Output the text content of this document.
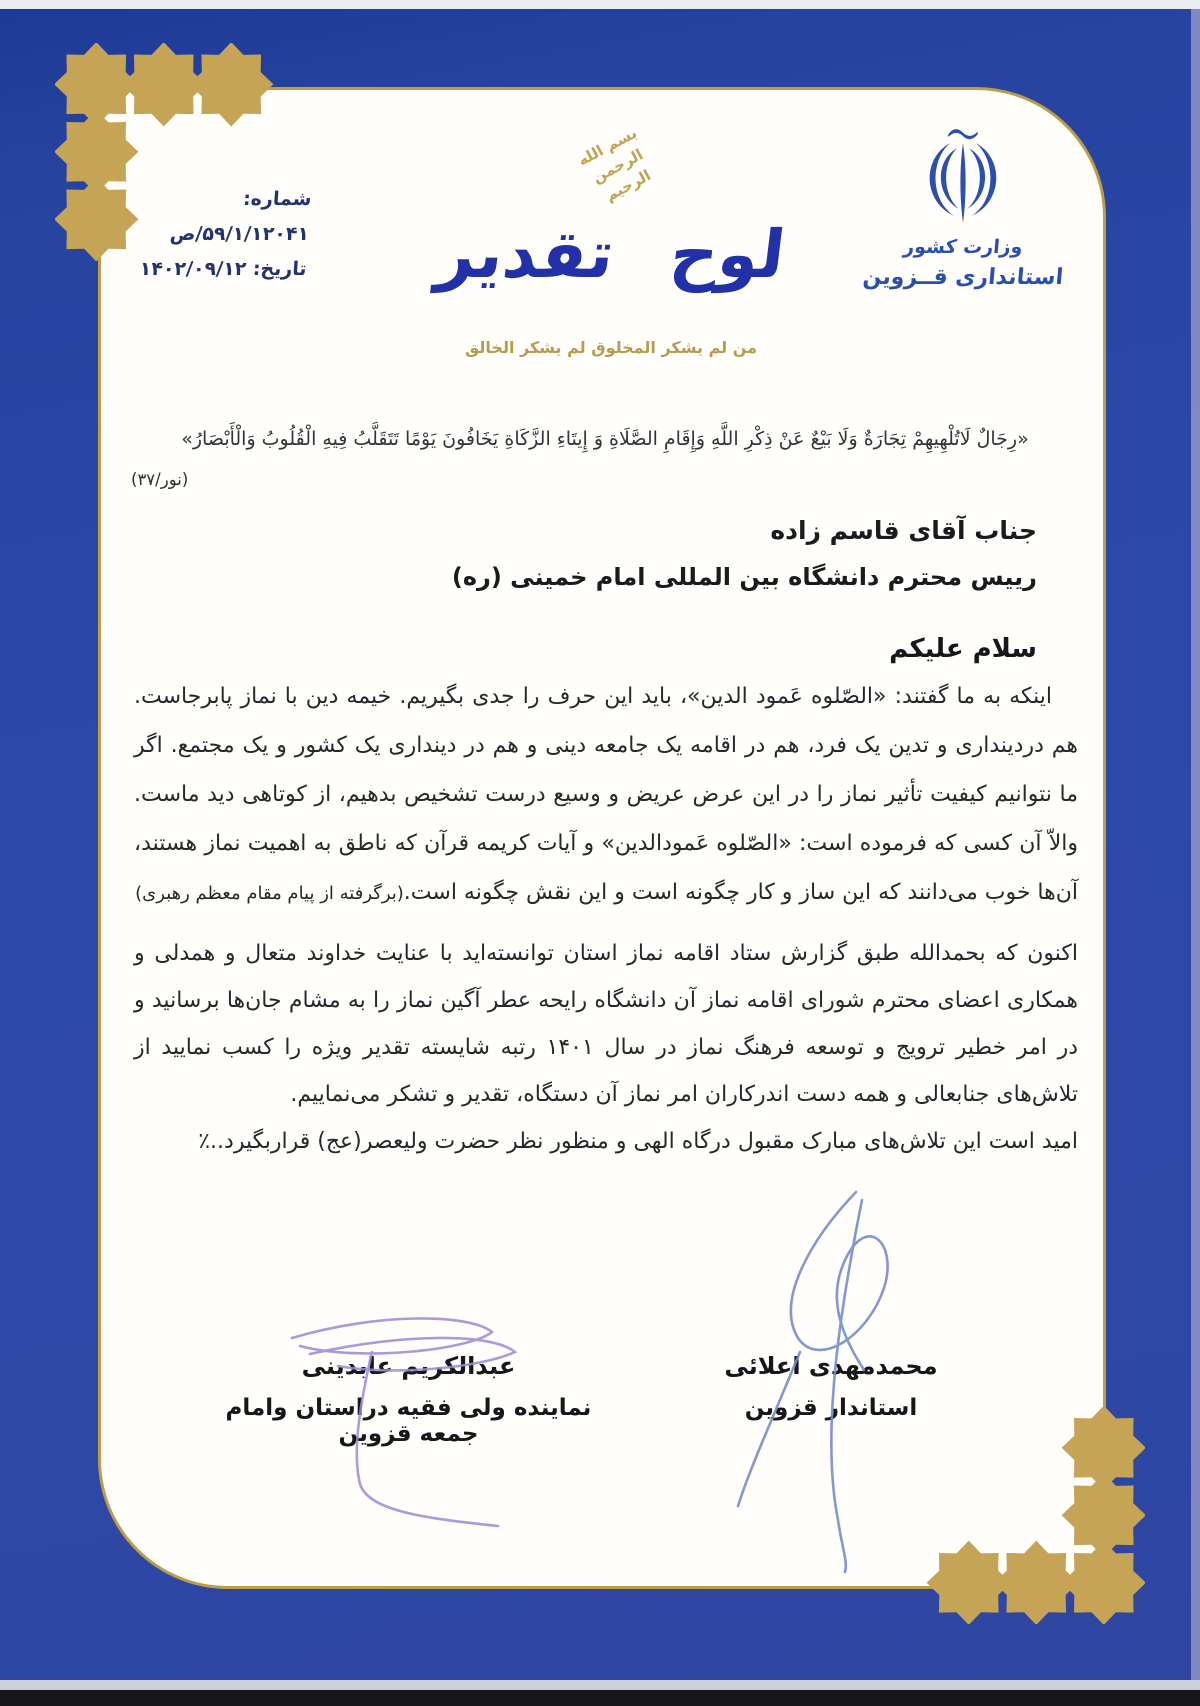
شماره: ۵۹/۱/۱۲۰۴۱/ص
تاریخ: ۱۴۰۲/۰۹/۱۲
بسم الله الرحمن الرحیم
لوح تقدیر
من لم یشکر المخلوق لم یشکر الخالق
وزارت کشور
استانداری قــزوین
«رِجَالٌ لَاتُلْهِيهِمْ تِجَارَةٌ وَلَا بَيْعٌ عَنْ ذِكْرِ اللَّهِ وَإِقَامِ الصَّلَاةِ وَ إِيتَاءِ الزَّكَاةِ يَخَافُونَ يَوْمًا تَتَقَلَّبُ فِيهِ الْقُلُوبُ وَالْأَبْصَارُ»
(نور/۳۷)
جناب آقای قاسم زاده
رییس محترم دانشگاه بین المللی امام خمینی (ره)
سلام علیکم

اینکه به ما گفتند: «الصّلوه عَمود الدین»، باید این حرف را جدی بگیریم. خیمه دین با نماز پابرجاست. هم دردینداری و تدین یک فرد، هم در اقامه یک جامعه دینی و هم در دینداری یک کشور و یک مجتمع. اگر ما نتوانیم کیفیت تأثیر نماز را در این عرض عریض و وسیع درست تشخیص بدهیم، از کوتاهی دید ماست. والاّ آن کسی که فرموده است: «الصّلوه عَمودالدین» و آیات کریمه قرآن که ناطق به اهمیت نماز هستند، آن‌ها خوب می‌دانند که این ساز و کار چگونه است و این نقش چگونه است.(برگرفته از پیام مقام معظم رهبری)

اکنون که بحمدالله طبق گزارش ستاد اقامه نماز استان توانسته‌اید با عنایت خداوند متعال و همدلی و همکاری اعضای محترم شورای اقامه نماز آن دانشگاه رایحه عطر آگین نماز را به مشام جان‌ها برسانید و در امر خطیر ترویج و توسعه فرهنگ نماز در سال ۱۴۰۱ رتبه شایسته تقدیر ویژه را کسب نمایید از تلاش‌های جنابعالی و همه دست اندرکاران امر نماز آن دستگاه، تقدیر و تشکر می‌نماییم.

امید است این تلاش‌های مبارک مقبول درگاه الهی و منظور نظر حضرت ولیعصر(عج) قراربگیرد..٪

محمدمهدی اعلائی
استاندار قزوین
عبدالکریم عابدینی
نماینده ولی فقیه دراستان وامام جمعه قزوین
